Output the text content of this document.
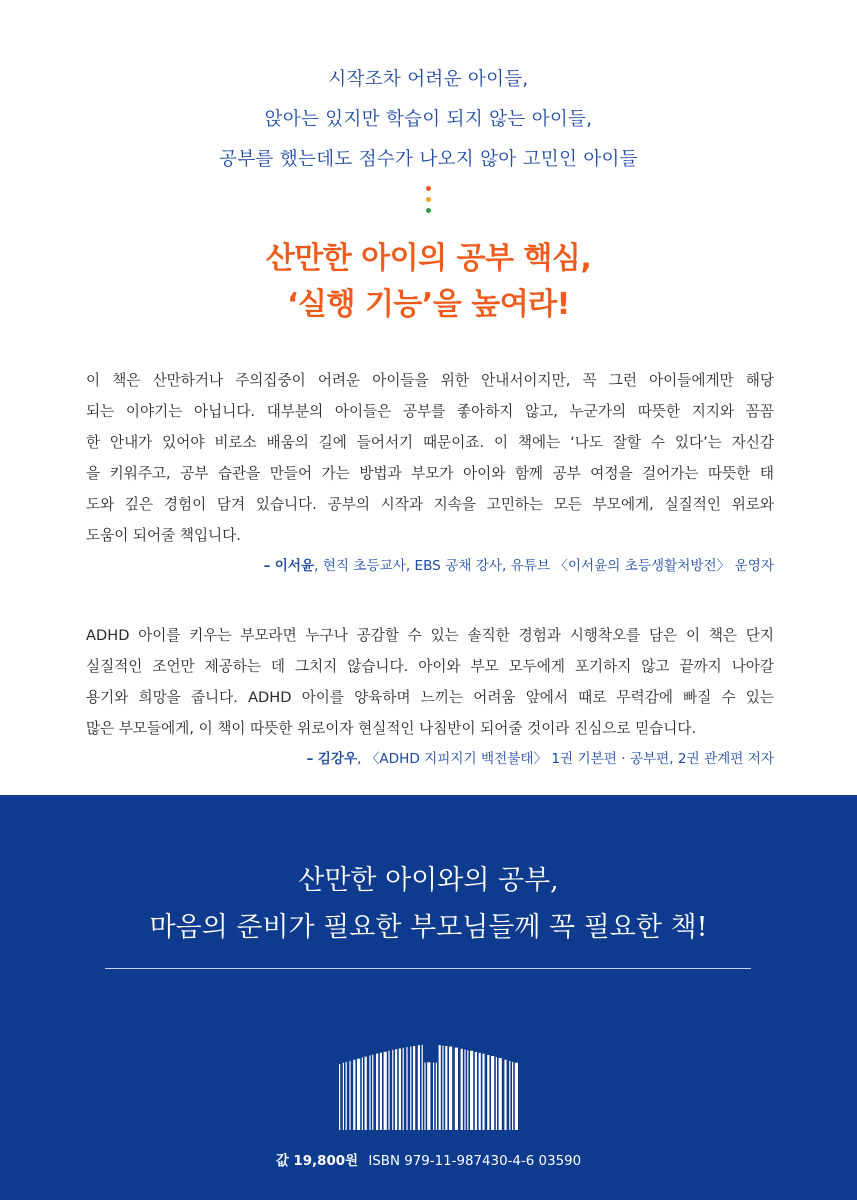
시작조차 어려운 아이들,
앉아는 있지만 학습이 되지 않는 아이들,
공부를 했는데도 점수가 나오지 않아 고민인 아이들
산만한 아이의 공부 핵심,
‘실행 기능’을 높여라!
이 책은 산만하거나 주의집중이 어려운 아이들을 위한 안내서이지만, 꼭 그런 아이들에게만 해당
되는 이야기는 아닙니다. 대부분의 아이들은 공부를 좋아하지 않고, 누군가의 따뜻한 지지와 꼼꼼
한 안내가 있어야 비로소 배움의 길에 들어서기 때문이죠. 이 책에는 ‘나도 잘할 수 있다’는 자신감
을 키워주고, 공부 습관을 만들어 가는 방법과 부모가 아이와 함께 공부 여정을 걸어가는 따뜻한 태
도와 깊은 경험이 담겨 있습니다. 공부의 시작과 지속을 고민하는 모든 부모에게, 실질적인 위로와
도움이 되어줄 책입니다.
– 이서윤, 현직 초등교사, EBS 공채 강사, 유튜브 〈이서윤의 초등생활처방전〉 운영자
ADHD 아이를 키우는 부모라면 누구나 공감할 수 있는 솔직한 경험과 시행착오를 담은 이 책은 단지
실질적인 조언만 제공하는 데 그치지 않습니다. 아이와 부모 모두에게 포기하지 않고 끝까지 나아갈
용기와 희망을 줍니다. ADHD 아이를 양육하며 느끼는 어려움 앞에서 때로 무력감에 빠질 수 있는
많은 부모들에게, 이 책이 따뜻한 위로이자 현실적인 나침반이 되어줄 것이라 진심으로 믿습니다.
– 김강우, 〈ADHD 지피지기 백전불태〉 1권 기본편 · 공부편, 2권 관계편 저자
산만한 아이와의 공부,
마음의 준비가 필요한 부모님들께 꼭 필요한 책!
값 19,800원 ISBN 979-11-987430-4-6 03590
